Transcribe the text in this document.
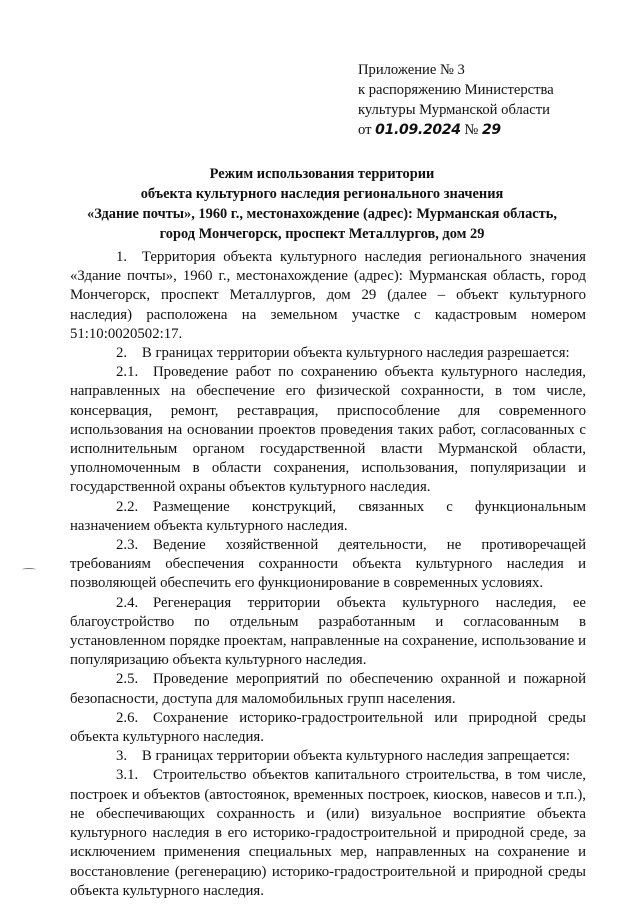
Приложение № 3
к распоряжению Министерства
культуры Мурманской области
от 01.09.2024 № 29
Режим использования территории
объекта культурного наследия регионального значения
«Здание почты», 1960 г., местонахождение (адрес): Мурманская область,
город Мончегорск, проспект Металлургов, дом 29

1. Территория объекта культурного наследия регионального значения «Здание почты», 1960 г., местонахождение (адрес): Мурманская область, город Мончегорск, проспект Металлургов, дом 29 (далее – объект культурного наследия) расположена на земельном участке с кадастровым номером 51:10:0020502:17.

2. В границах территории объекта культурного наследия разрешается:

2.1. Проведение работ по сохранению объекта культурного наследия, направленных на обеспечение его физической сохранности, в том числе, консервация, ремонт, реставрация, приспособление для современного использования на основании проектов проведения таких работ, согласованных с исполнительным органом государственной власти Мурманской области, уполномоченным в области сохранения, использования, популяризации и государственной охраны объектов культурного наследия.

2.2. Размещение конструкций, связанных с функциональным назначением объекта культурного наследия.

2.3. Ведение хозяйственной деятельности, не противоречащей требованиям обеспечения сохранности объекта культурного наследия и позволяющей обеспечить его функционирование в современных условиях.

2.4. Регенерация территории объекта культурного наследия, ее благоустройство по отдельным разработанным и согласованным в установленном порядке проектам, направленные на сохранение, использование и популяризацию объекта культурного наследия.

2.5. Проведение мероприятий по обеспечению охранной и пожарной безопасности, доступа для маломобильных групп населения.

2.6. Сохранение историко-градостроительной или природной среды объекта культурного наследия.

3. В границах территории объекта культурного наследия запрещается:

3.1. Строительство объектов капитального строительства, в том числе, построек и объектов (автостоянок, временных построек, киосков, навесов и т.п.), не обеспечивающих сохранность и (или) визуальное восприятие объекта культурного наследия в его историко-градостроительной и природной среде, за исключением применения специальных мер, направленных на сохранение и восстановление (регенерацию) историко-градостроительной и природной среды объекта культурного наследия.
